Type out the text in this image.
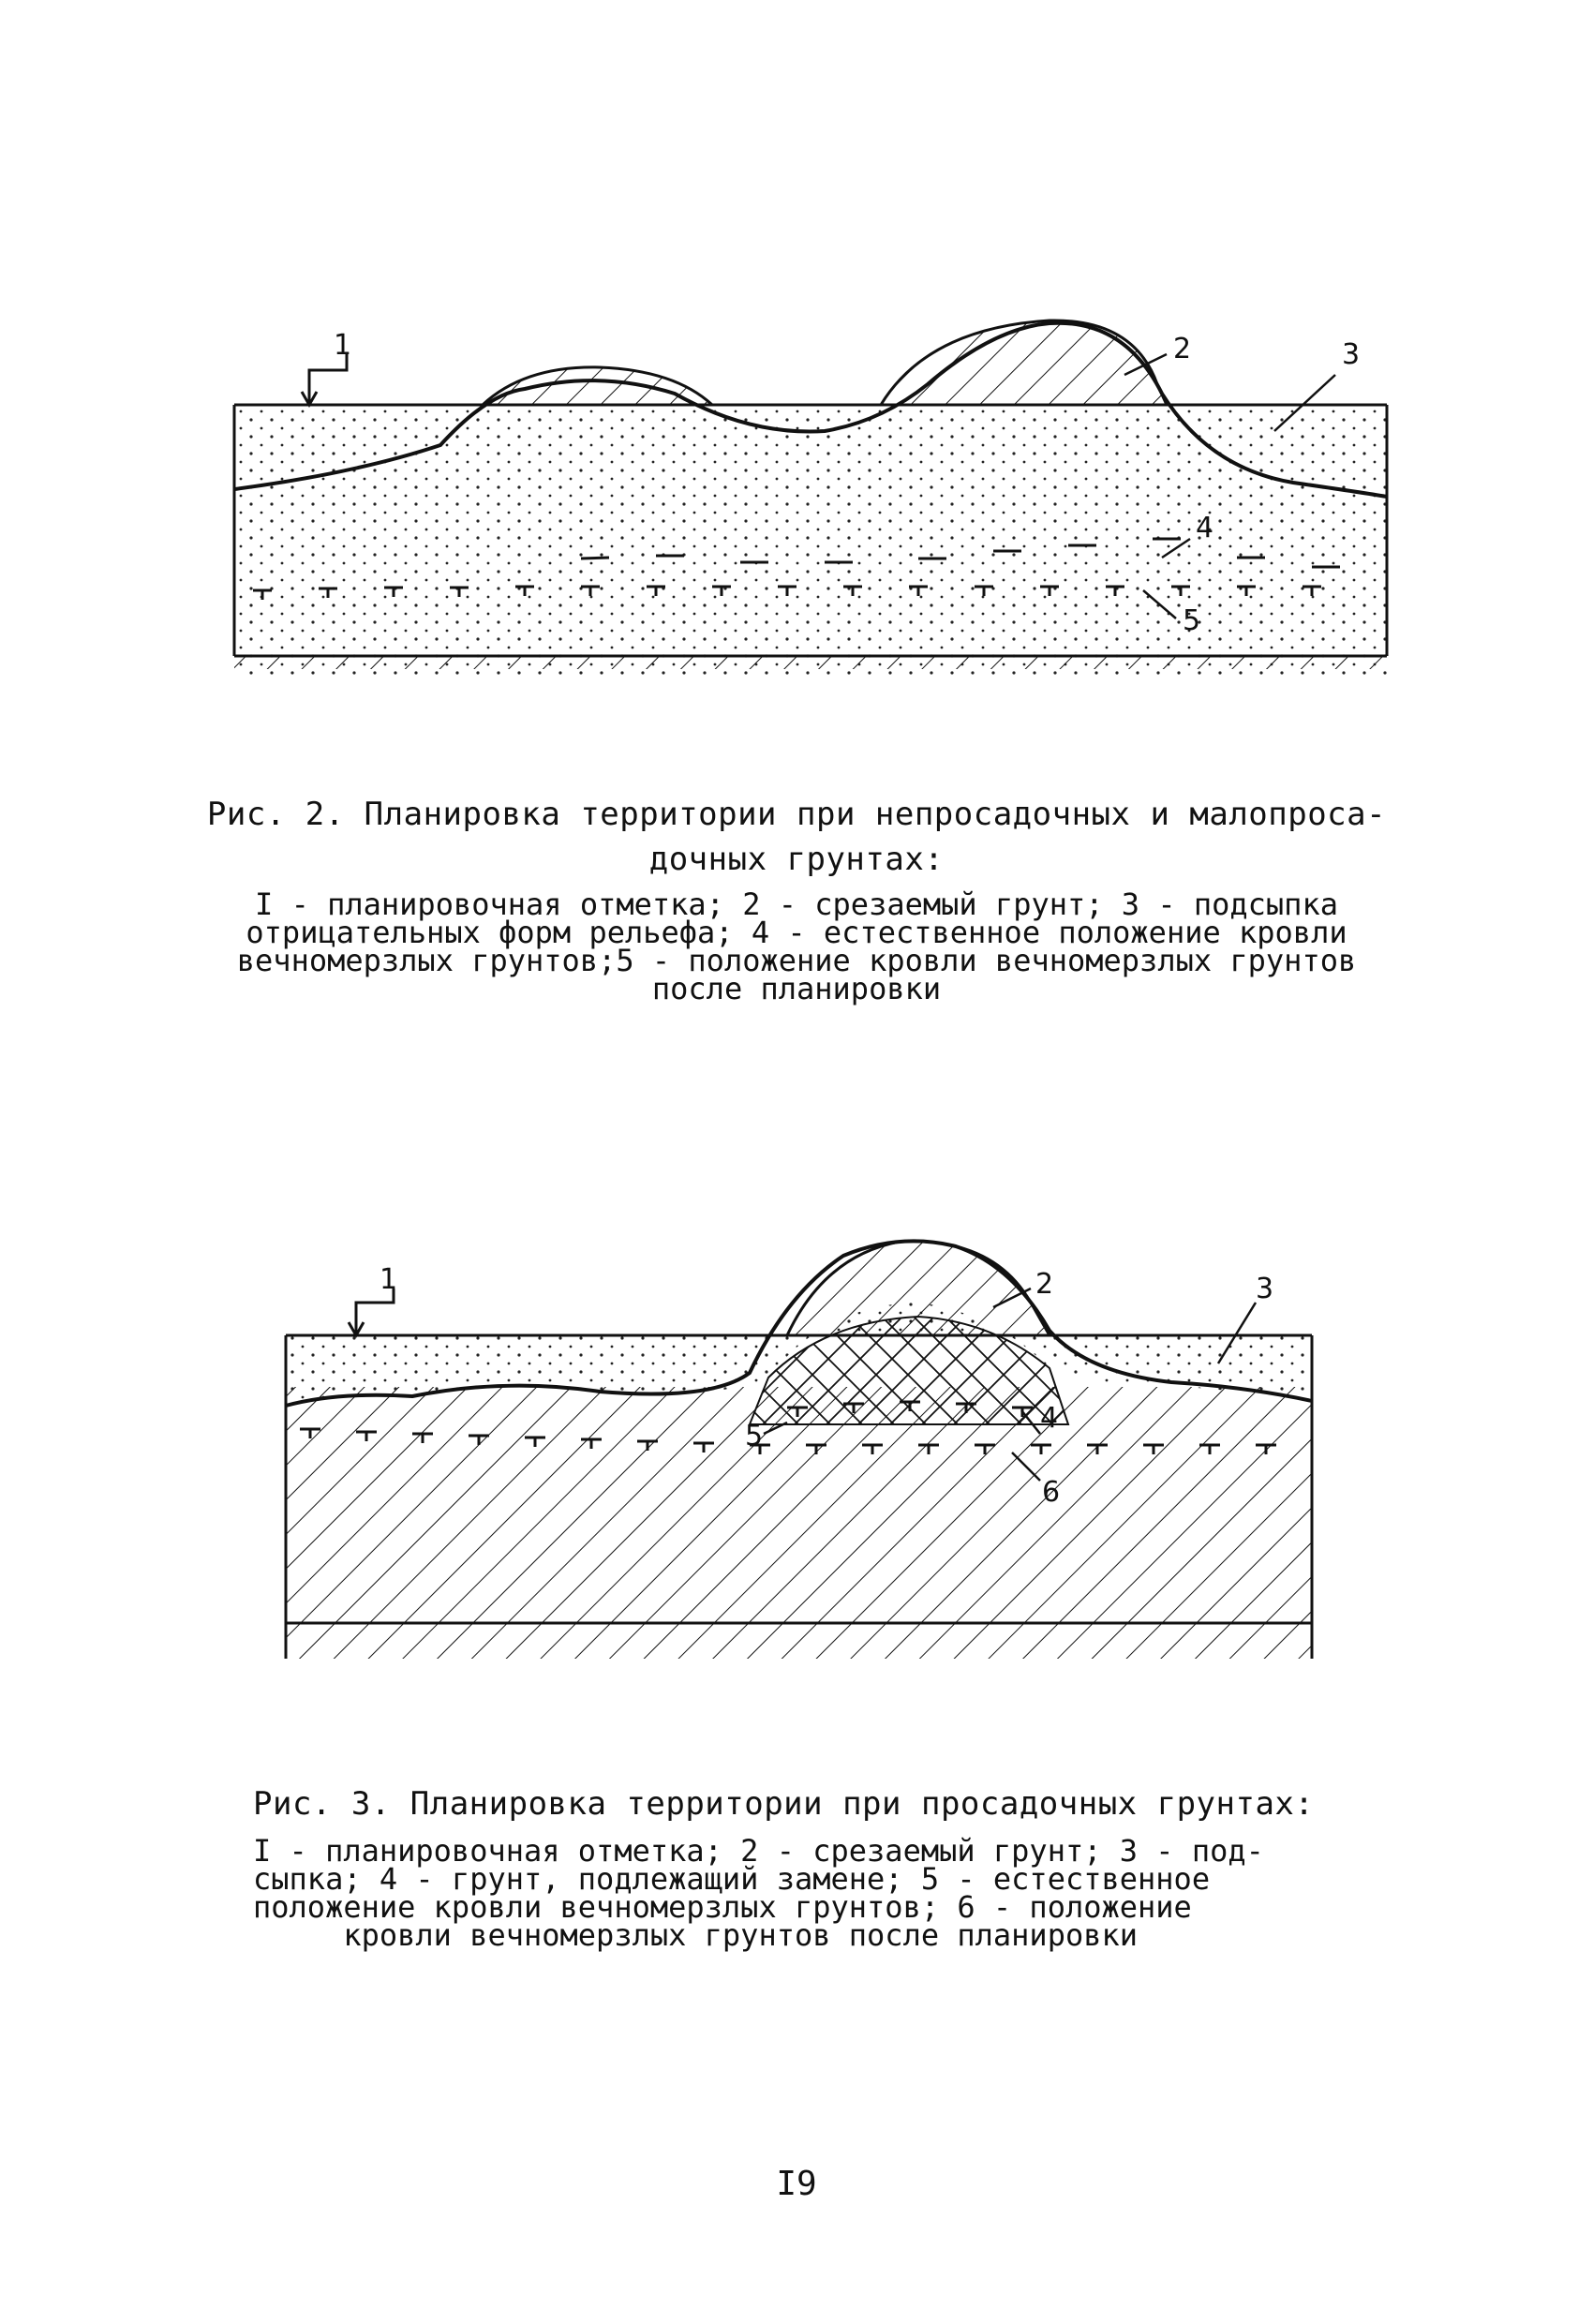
1	2	3
4
5
Рис. 2. Планировка территории при непросадочных и малопроса-
дочных грунтах:
I - планировочная отметка; 2 - срезаемый грунт; 3 - подсыпка
отрицательных форм рельефа; 4 - естественное положение кровли
вечномерзлых грунтов;5 - положение кровли вечномерзлых грунтов
после планировки
1	2	3
4
5
6
Рис. 3. Планировка территории при просадочных грунтах:
I - планировочная отметка; 2 - срезаемый грунт; 3 - под-
сыпка; 4 - грунт, подлежащий замене; 5 - естественное
положение кровли вечномерзлых грунтов; 6 - положение
кровли вечномерзлых грунтов после планировки
I9
